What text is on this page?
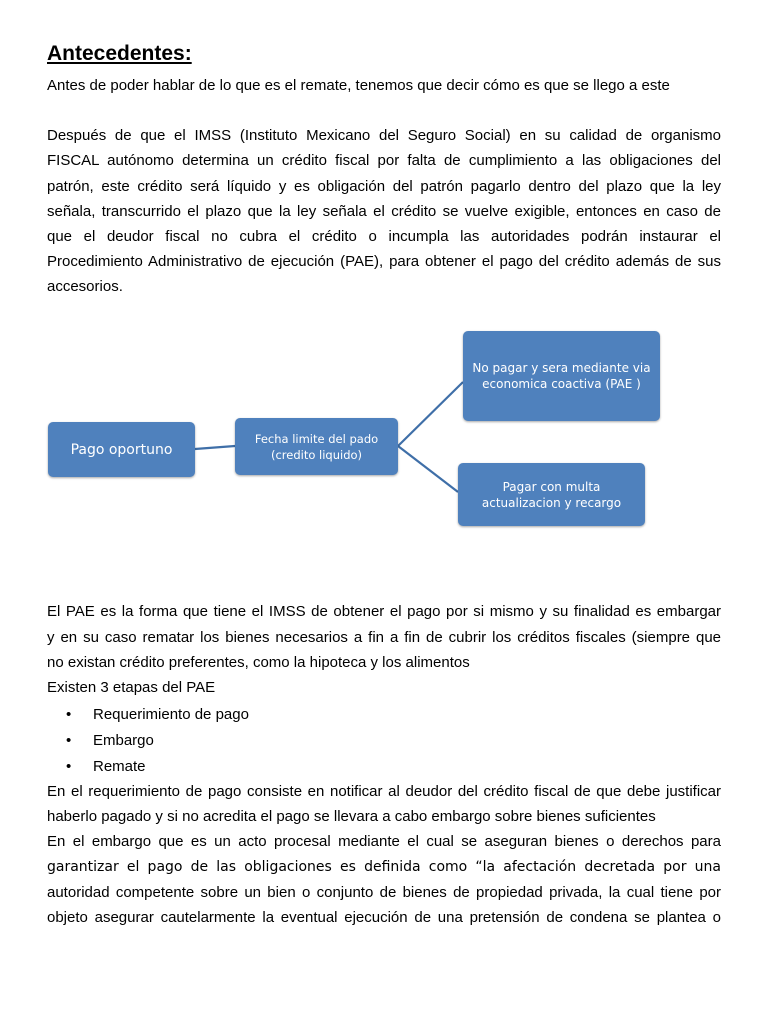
Antecedentes:
Antes de poder hablar de lo que es el remate, tenemos que decir cómo es que se llego a este
Después de que el IMSS (Instituto Mexicano del Seguro Social) en su calidad de organismo
FISCAL autónomo determina un crédito fiscal por falta de cumplimiento a las obligaciones del
patrón, este crédito será líquido y es obligación del patrón pagarlo dentro del plazo que la ley
señala, transcurrido el plazo que la ley señala el crédito se vuelve exigible, entonces en caso de
que el deudor fiscal no cubra el crédito o incumpla las autoridades podrán instaurar el
Procedimiento Administrativo de ejecución (PAE), para obtener el pago del crédito además de sus
accesorios.
Pago oportuno
Fecha limite del pado
(credito liquido)
No pagar y sera mediante via
economica coactiva (PAE )
Pagar con multa
actualizacion y recargo
El PAE es la forma que tiene el IMSS de obtener el pago por si mismo y su finalidad es embargar
y en su caso rematar los bienes necesarios a fin a fin de cubrir los créditos fiscales (siempre que
no existan crédito preferentes, como la hipoteca y los alimentos
Existen 3 etapas del PAE
• Requerimiento de pago
• Embargo
• Remate
En el requerimiento de pago consiste en notificar al deudor del crédito fiscal de que debe justificar
haberlo pagado y si no acredita el pago se llevara a cabo embargo sobre bienes suficientes
En el embargo que es un acto procesal mediante el cual se aseguran bienes o derechos para
garantizar el pago de las obligaciones es definida como “la afectación decretada por una
autoridad competente sobre un bien o conjunto de bienes de propiedad privada, la cual tiene por
objeto asegurar cautelarmente la eventual ejecución de una pretensión de condena se plantea o
